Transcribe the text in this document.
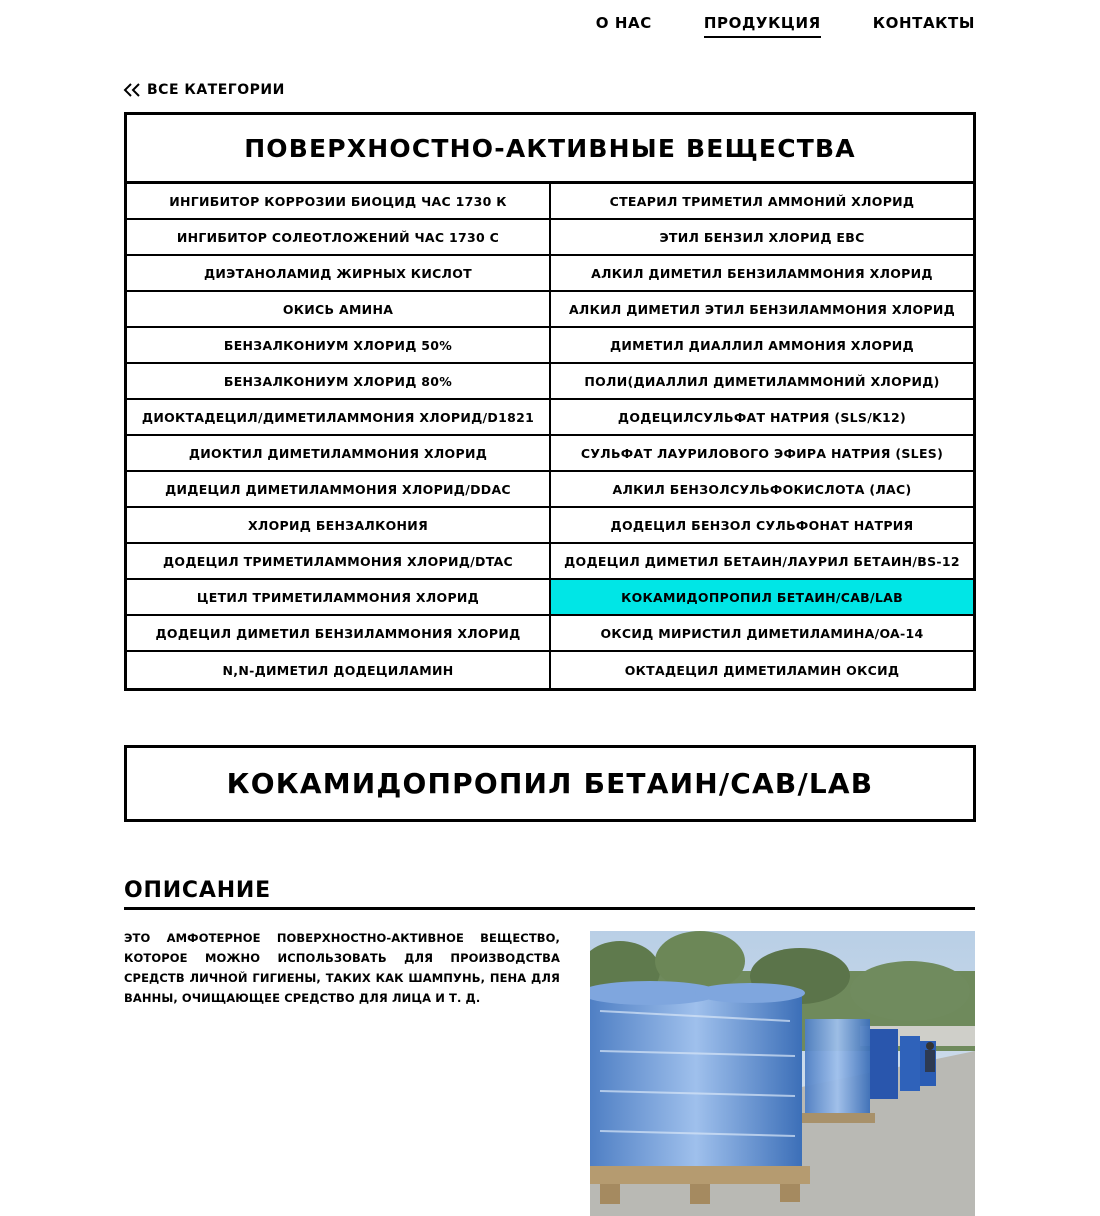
О НАС	ПРОДУКЦИЯ	КОНТАКТЫ
ВСЕ КАТЕГОРИИ
ПОВЕРХНОСТНО-АКТИВНЫЕ ВЕЩЕСТВА
ИНГИБИТОР КОРРОЗИИ БИОЦИД ЧАС 1730 К	СТЕАРИЛ ТРИМЕТИЛ АММОНИЙ ХЛОРИД
ИНГИБИТОР СОЛЕОТЛОЖЕНИЙ ЧАС 1730 С	ЭТИЛ БЕНЗИЛ ХЛОРИД EBC
ДИЭТАНОЛАМИД ЖИРНЫХ КИСЛОТ	АЛКИЛ ДИМЕТИЛ БЕНЗИЛАММОНИЯ ХЛОРИД
ОКИСЬ АМИНА	АЛКИЛ ДИМЕТИЛ ЭТИЛ БЕНЗИЛАММОНИЯ ХЛОРИД
БЕНЗАЛКОНИУМ ХЛОРИД 50%	ДИМЕТИЛ ДИАЛЛИЛ АММОНИЯ ХЛОРИД
БЕНЗАЛКОНИУМ ХЛОРИД 80%	ПОЛИ(ДИАЛЛИЛ ДИМЕТИЛАММОНИЙ ХЛОРИД)
ДИОКТАДЕЦИЛ/ДИМЕТИЛАММОНИЯ ХЛОРИД/D1821	ДОДЕЦИЛСУЛЬФАТ НАТРИЯ (SLS/K12)
ДИОКТИЛ ДИМЕТИЛАММОНИЯ ХЛОРИД	СУЛЬФАТ ЛАУРИЛОВОГО ЭФИРА НАТРИЯ (SLES)
ДИДЕЦИЛ ДИМЕТИЛАММОНИЯ ХЛОРИД/DDAC	АЛКИЛ БЕНЗОЛСУЛЬФОКИСЛОТА (ЛАС)
ХЛОРИД БЕНЗАЛКОНИЯ	ДОДЕЦИЛ БЕНЗОЛ СУЛЬФОНАТ НАТРИЯ
ДОДЕЦИЛ ТРИМЕТИЛАММОНИЯ ХЛОРИД/DTAC	ДОДЕЦИЛ ДИМЕТИЛ БЕТАИН/ЛАУРИЛ БЕТАИН/BS-12
ЦЕТИЛ ТРИМЕТИЛАММОНИЯ ХЛОРИД	КОКАМИДОПРОПИЛ БЕТАИН/CAB/LAB
ДОДЕЦИЛ ДИМЕТИЛ БЕНЗИЛАММОНИЯ ХЛОРИД	ОКСИД МИРИСТИЛ ДИМЕТИЛАМИНА/OA-14
N,N-ДИМЕТИЛ ДОДЕЦИЛАМИН	ОКТАДЕЦИЛ ДИМЕТИЛАМИН ОКСИД
КОКАМИДОПРОПИЛ БЕТАИН/CAB/LAB
ОПИСАНИЕ
ЭТО АМФОТЕРНОЕ ПОВЕРХНОСТНО-АКТИВНОЕ ВЕЩЕСТВО, КОТОРОЕ МОЖНО ИСПОЛЬЗОВАТЬ ДЛЯ ПРОИЗВОДСТВА СРЕДСТВ ЛИЧНОЙ ГИГИЕНЫ, ТАКИХ КАК ШАМПУНЬ, ПЕНА ДЛЯ ВАННЫ, ОЧИЩАЮЩЕЕ СРЕДСТВО ДЛЯ ЛИЦА И Т. Д.
